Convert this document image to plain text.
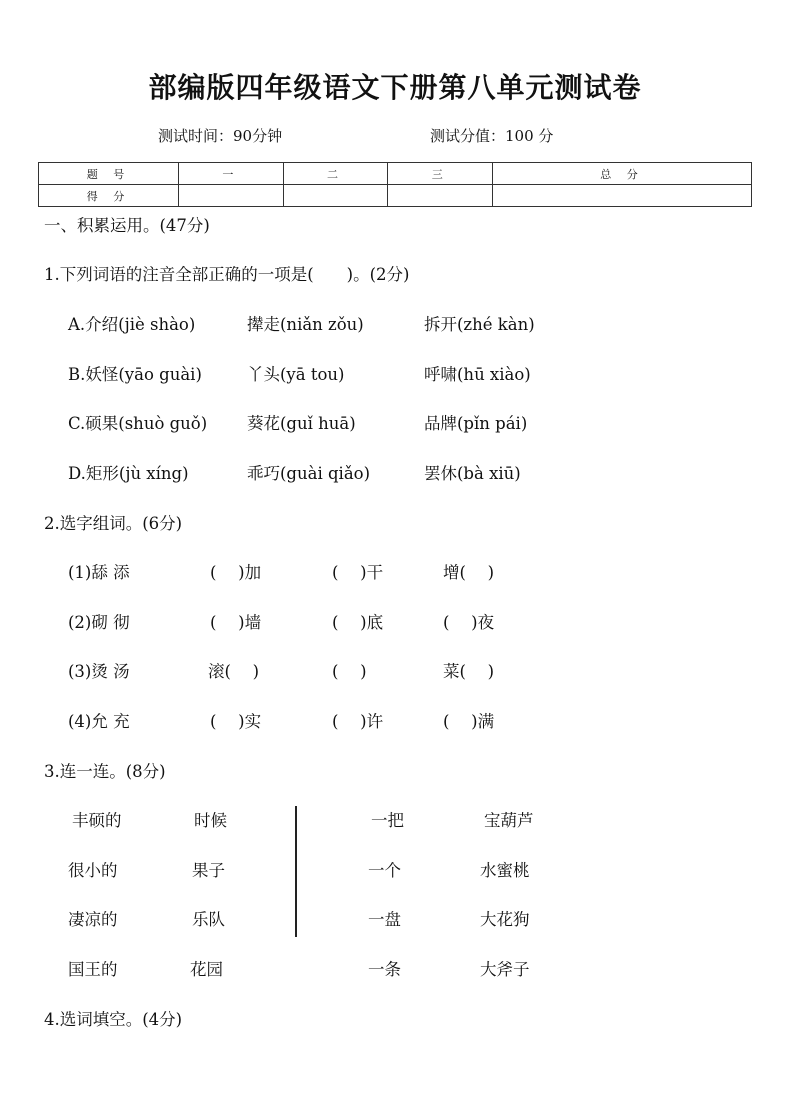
部编版四年级语文下册第八单元测试卷
测试时间：90分钟	测试分值：100 分
题 号	一	二	三	总 分
得 分				
一、积累运用。(47分)
1.下列词语的注音全部正确的一项是(　　)。(2分)
A.介绍(jiè shào)	撵走(niǎn zǒu)	拆开(zhé kàn)
B.妖怪(yāo guài)	丫头(yā tou)	呼啸(hū xiào)
C.硕果(shuò guǒ) 葵花(guǐ huā)	品牌(pǐn pái)
D.矩形(jù xíng)	乖巧(guài qiǎo)	罢休(bà xiū)
2.选字组词。(6分)
(1)舔 添	(　 )加	(　 )干	增(　 )
(2)砌 彻	(　 )墙	(　 )底	(　 )夜
(3)烫 汤	滚(　 )	(　 )	菜(　 )
(4)允 充	(　 )实	(　 )许	(　 )满
3.连一连。(8分)
丰硕的	时候	一把	宝葫芦
很小的	果子	一个	水蜜桃
凄凉的	乐队	一盘	大花狗
国王的	花园	一条	大斧子
4.选词填空。(4分)
